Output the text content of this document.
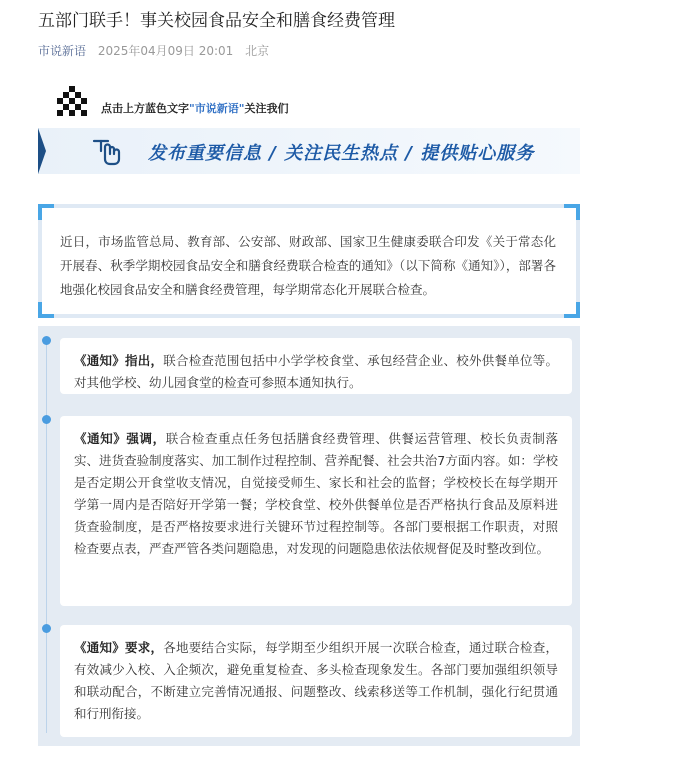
五部门联手！事关校园食品安全和膳食经费管理
市说新语 2025年04月09日 20:01 北京
点击上方蓝色文字"市说新语"关注我们
发布重要信息 / 关注民生热点 / 提供贴心服务
近日，市场监管总局、教育部、公安部、财政部、国家卫生健康委联合印发《关于常态化开展春、秋季学期校园食品安全和膳食经费联合检查的通知》（以下简称《通知》），部署各地强化校园食品安全和膳食经费管理，每学期常态化开展联合检查。
《通知》指出，联合检查范围包括中小学学校食堂、承包经营企业、校外供餐单位等。对其他学校、幼儿园食堂的检查可参照本通知执行。
《通知》强调，联合检查重点任务包括膳食经费管理、供餐运营管理、校长负责制落实、进货查验制度落实、加工制作过程控制、营养配餐、社会共治7方面内容。如：学校是否定期公开食堂收支情况，自觉接受师生、家长和社会的监督；学校校长在每学期开学第一周内是否陪好开学第一餐；学校食堂、校外供餐单位是否严格执行食品及原料进货查验制度，是否严格按要求进行关键环节过程控制等。各部门要根据工作职责，对照检查要点表，严查严管各类问题隐患，对发现的问题隐患依法依规督促及时整改到位。
《通知》要求，各地要结合实际，每学期至少组织开展一次联合检查，通过联合检查，有效减少入校、入企频次，避免重复检查、多头检查现象发生。各部门要加强组织领导和联动配合，不断建立完善情况通报、问题整改、线索移送等工作机制，强化行纪贯通和行刑衔接。
